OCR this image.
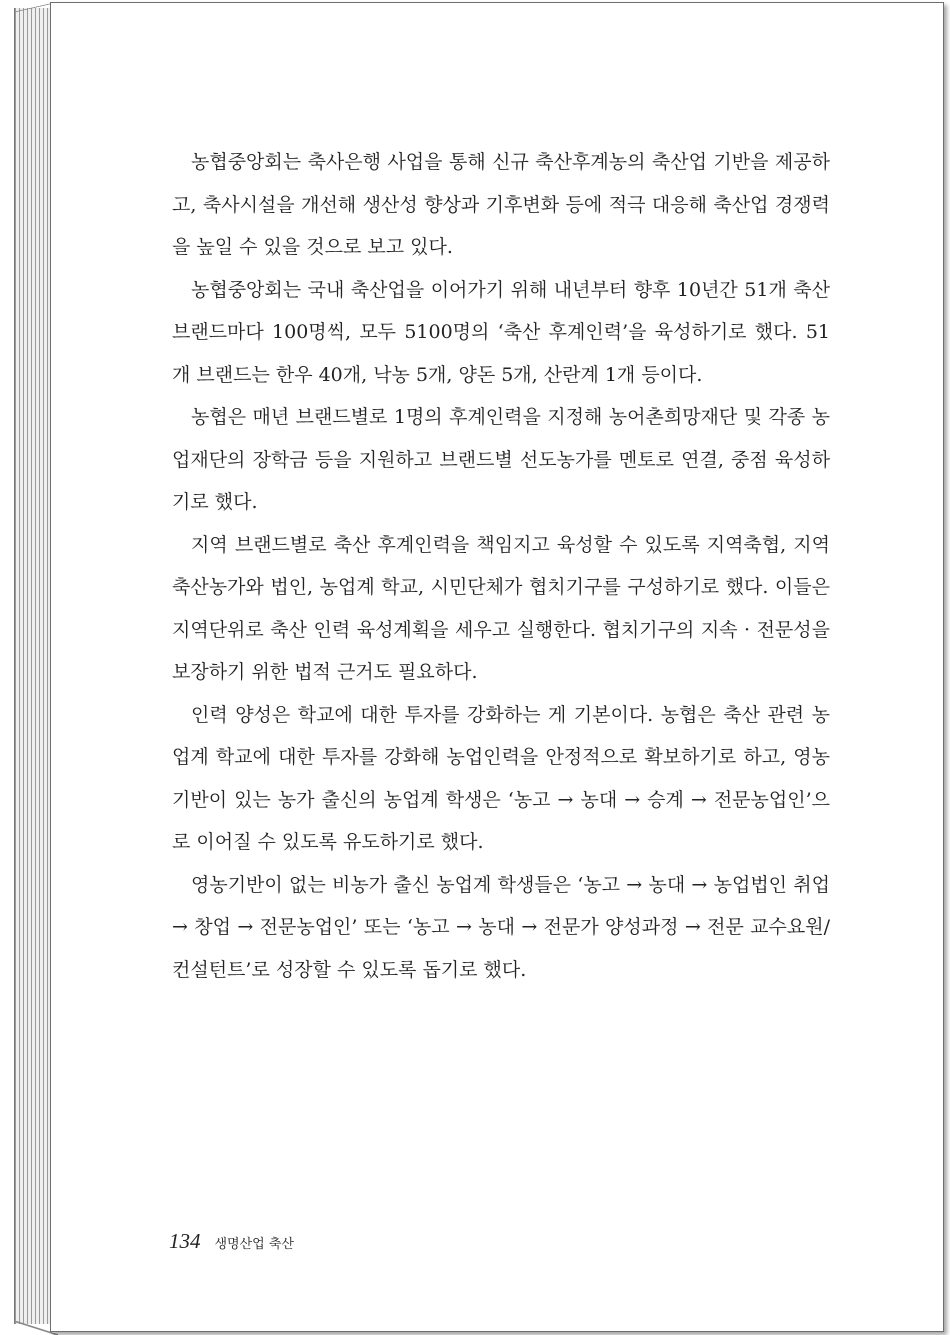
농협중앙회는 축사은행 사업을 통해 신규 축산후계농의 축산업 기반을 제공하고, 축사시설을 개선해 생산성 향상과 기후변화 등에 적극 대응해 축산업 경쟁력을 높일 수 있을 것으로 보고 있다.

농협중앙회는 국내 축산업을 이어가기 위해 내년부터 향후 10년간 51개 축산 브랜드마다 100명씩, 모두 5100명의 ‘축산 후계인력’을 육성하기로 했다. 51개 브랜드는 한우 40개, 낙농 5개, 양돈 5개, 산란계 1개 등이다.

농협은 매년 브랜드별로 1명의 후계인력을 지정해 농어촌희망재단 및 각종 농업재단의 장학금 등을 지원하고 브랜드별 선도농가를 멘토로 연결, 중점 육성하기로 했다.

지역 브랜드별로 축산 후계인력을 책임지고 육성할 수 있도록 지역축협, 지역 축산농가와 법인, 농업계 학교, 시민단체가 협치기구를 구성하기로 했다. 이들은 지역단위로 축산 인력 육성계획을 세우고 실행한다. 협치기구의 지속 · 전문성을 보장하기 위한 법적 근거도 필요하다.

인력 양성은 학교에 대한 투자를 강화하는 게 기본이다. 농협은 축산 관련 농업계 학교에 대한 투자를 강화해 농업인력을 안정적으로 확보하기로 하고, 영농기반이 있는 농가 출신의 농업계 학생은 ‘농고 → 농대 → 승계 → 전문농업인’으로 이어질 수 있도록 유도하기로 했다.

영농기반이 없는 비농가 출신 농업계 학생들은 ‘농고 → 농대 → 농업법인 취업 → 창업 → 전문농업인’ 또는 ‘농고 → 농대 → 전문가 양성과정 → 전문 교수요원/컨설턴트’로 성장할 수 있도록 돕기로 했다.

134 생명산업 축산
